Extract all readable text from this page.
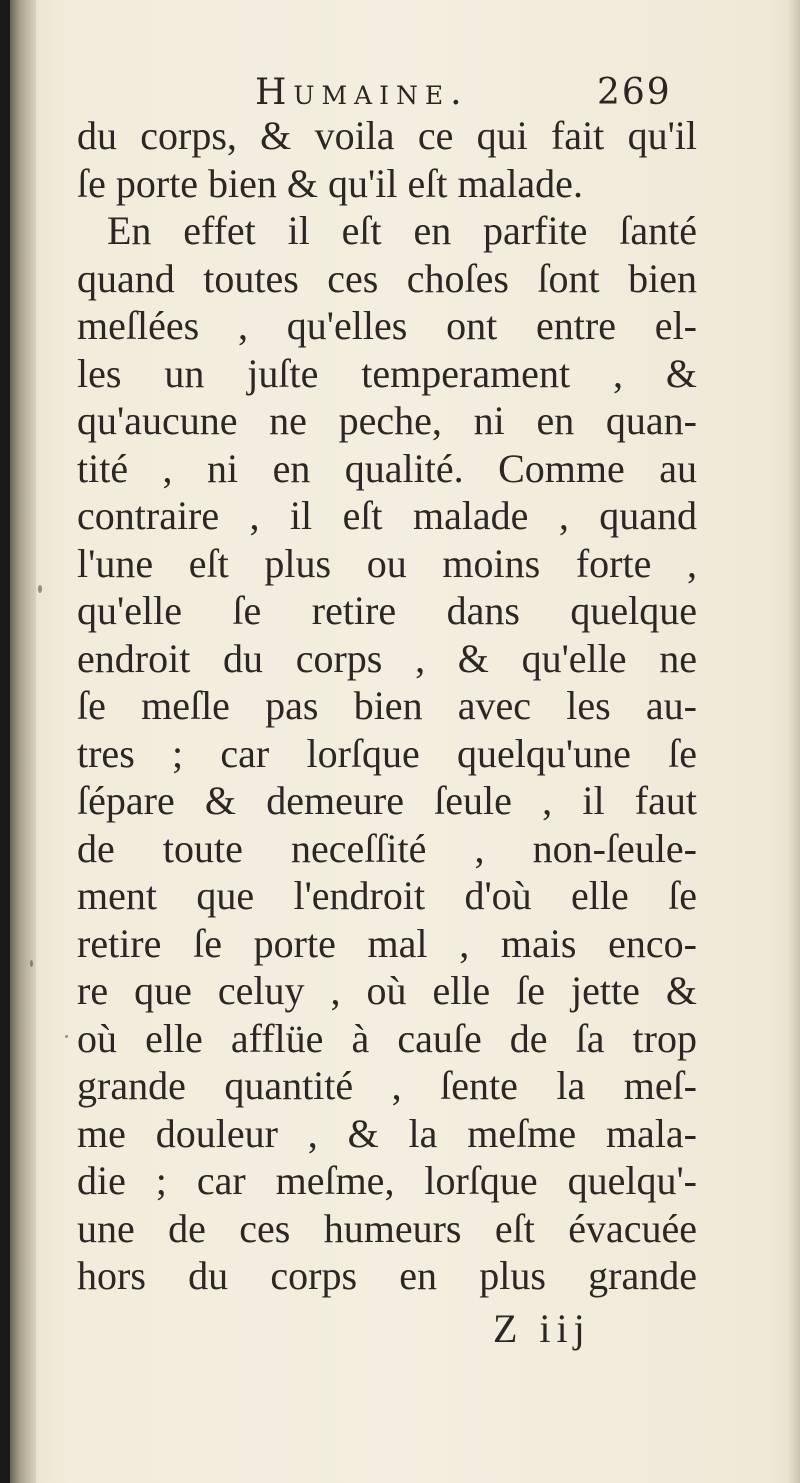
Humaine.	269
du corps, & voila ce qui fait qu'il
ſe porte bien & qu'il eſt malade.
En effet il eſt en parfite ſanté
quand toutes ces choſes ſont bien
meſlées , qu'elles ont entre el-
les un juſte temperament , &
qu'aucune ne peche, ni en quan-
tité , ni en qualité. Comme au
contraire , il eſt malade , quand
l'une eſt plus ou moins forte ,
qu'elle ſe retire dans quelque
endroit du corps , & qu'elle ne
ſe meſle pas bien avec les au-
tres ; car lorſque quelqu'une ſe
ſépare & demeure ſeule , il faut
de toute neceſſité , non-ſeule-
ment que l'endroit d'où elle ſe
retire ſe porte mal , mais enco-
re que celuy , où elle ſe jette &
où elle afflüe à cauſe de ſa trop
grande quantité , ſente la meſ-
me douleur , & la meſme mala-
die ; car meſme, lorſque quelqu'-
une de ces humeurs eſt évacuée
hors du corps en plus grande
Z iij
